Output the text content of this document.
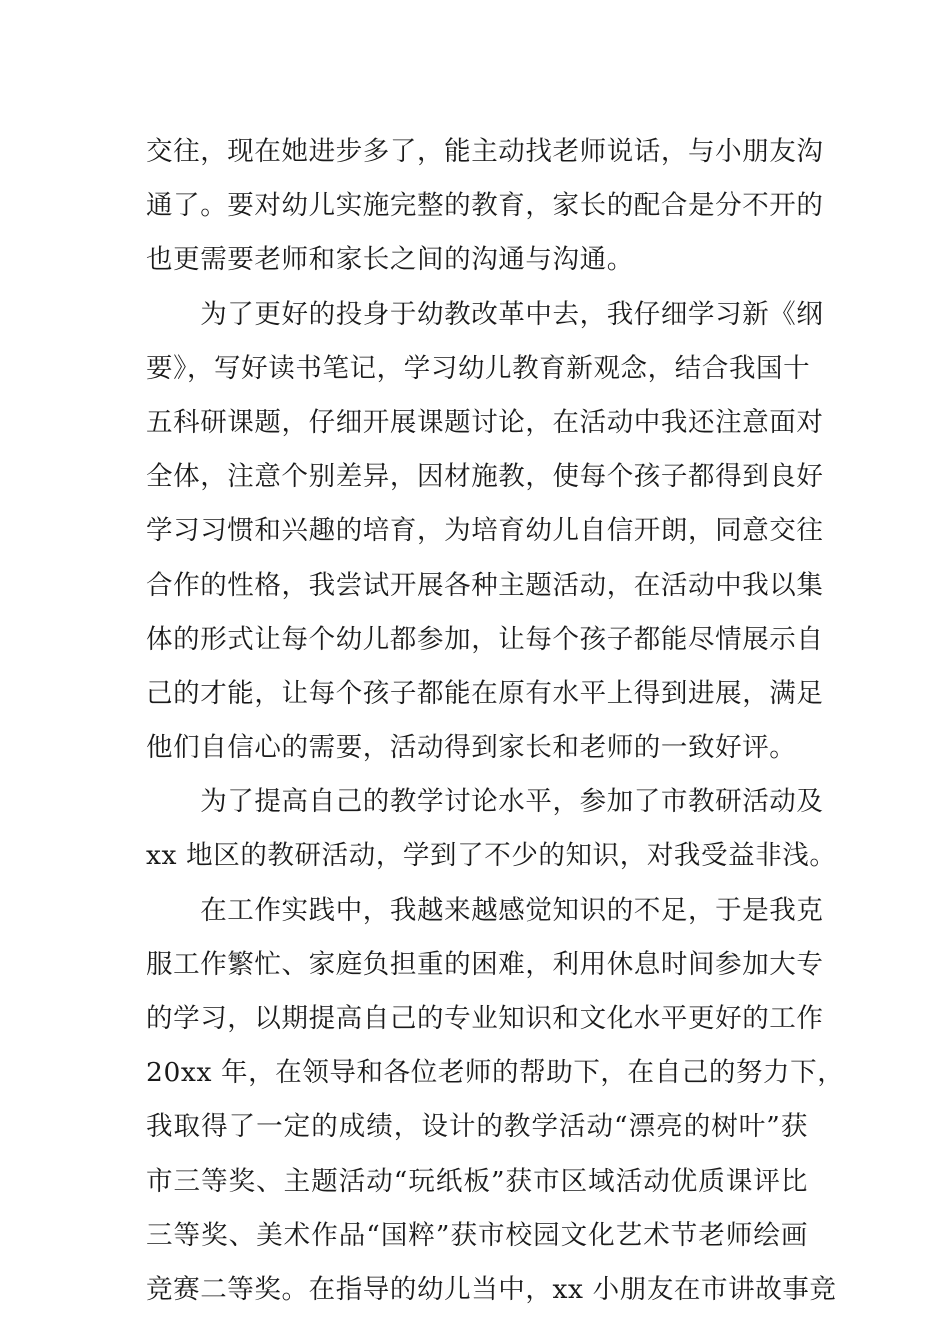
交往，现在她进步多了，能主动找老师说话，与小朋友沟
通了。要对幼儿实施完整的教育，家长的配合是分不开的
也更需要老师和家长之间的沟通与沟通。
　　为了更好的投身于幼教改革中去，我仔细学习新《纲
要》，写好读书笔记，学习幼儿教育新观念，结合我国十
五科研课题，仔细开展课题讨论，在活动中我还注意面对
全体，注意个别差异，因材施教，使每个孩子都得到良好
学习习惯和兴趣的培育，为培育幼儿自信开朗，同意交往
合作的性格，我尝试开展各种主题活动，在活动中我以集
体的形式让每个幼儿都参加，让每个孩子都能尽情展示自
己的才能，让每个孩子都能在原有水平上得到进展，满足
他们自信心的需要，活动得到家长和老师的一致好评。
　　为了提高自己的教学讨论水平，参加了市教研活动及
xx 地区的教研活动，学到了不少的知识，对我受益非浅。
　　在工作实践中，我越来越感觉知识的不足，于是我克
服工作繁忙、家庭负担重的困难，利用休息时间参加大专
的学习，以期提高自己的专业知识和文化水平更好的工作
20xx 年，在领导和各位老师的帮助下，在自己的努力下，
我取得了一定的成绩，设计的教学活动“漂亮的树叶”获
市三等奖、主题活动“玩纸板”获市区域活动优质课评比
三等奖、美术作品“国粹”获市校园文化艺术节老师绘画
竞赛二等奖。在指导的幼儿当中，xx 小朋友在市讲故事竞
